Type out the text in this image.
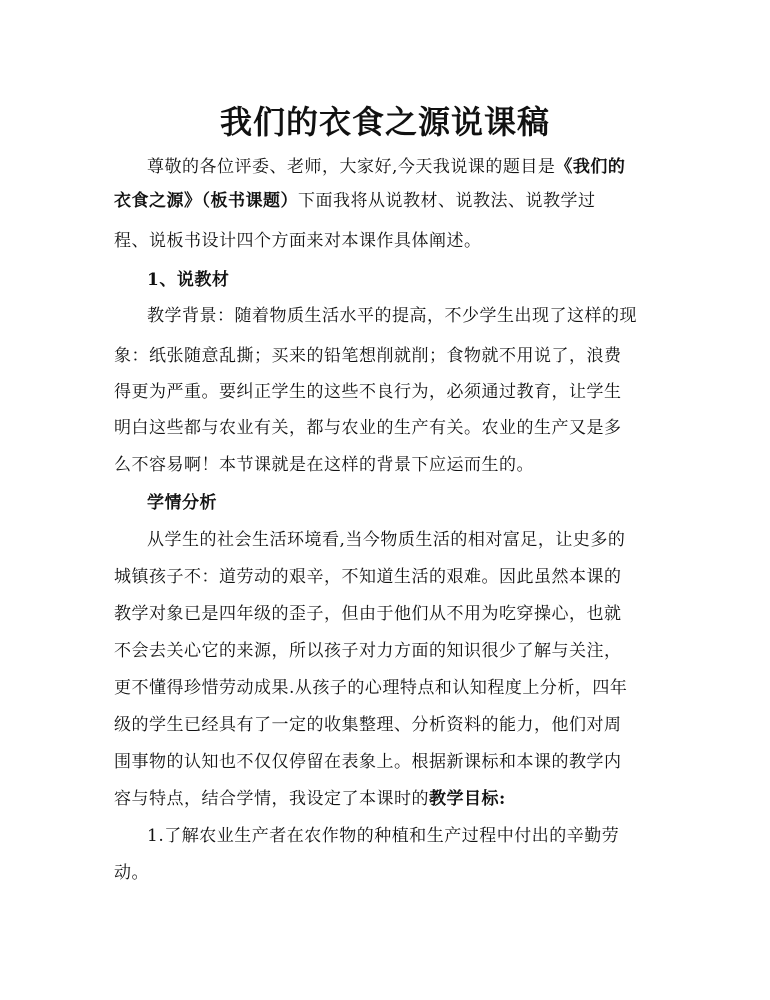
我们的衣食之源说课稿
尊敬的各位评委、老师，大家好,今天我说课的题目是《我们的
衣食之源》（板书课题）下面我将从说教材、说教法、说教学过
程、说板书设计四个方面来对本课作具体阐述。
1、说教材
教学背景：随着物质生活水平的提高，不少学生出现了这样的现
象：纸张随意乱撕；买来的铅笔想削就削；食物就不用说了，浪费
得更为严重。要纠正学生的这些不良行为，必须通过教育，让学生
明白这些都与农业有关，都与农业的生产有关。农业的生产又是多
么不容易啊！本节课就是在这样的背景下应运而生的。
学情分析
从学生的社会生活环境看,当今物质生活的相对富足，让史多的
城镇孩子不：道劳动的艰辛，不知道生活的艰难。因此虽然本课的
教学对象已是四年级的歪子，但由于他们从不用为吃穿操心，也就
不会去关心它的来源，所以孩子对力方面的知识很少了解与关注，
更不懂得珍惜劳动成果.从孩子的心理特点和认知程度上分析，四年
级的学生已经具有了一定的收集整理、分析资料的能力，他们对周
围事物的认知也不仅仅停留在表象上。根据新课标和本课的教学内
容与特点，结合学情，我设定了本课时的教学目标:
1.了解农业生产者在农作物的种植和生产过程中付出的辛勤劳
动。
